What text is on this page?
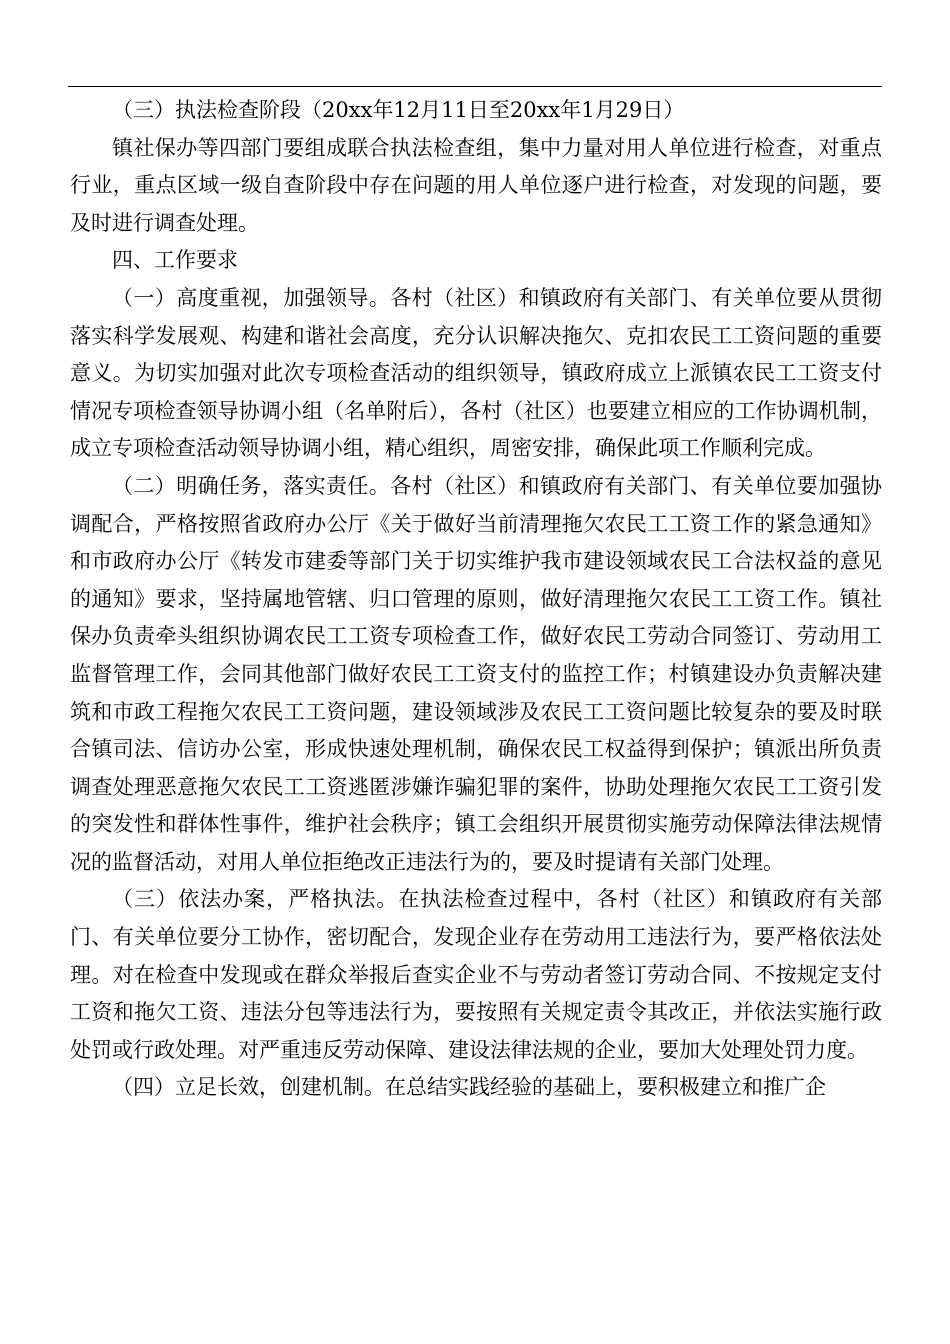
（三）执法检查阶段（20xx年12月11日至20xx年1月29日）

镇社保办等四部门要组成联合执法检查组，集中力量对用人单位进行检查，对重点行业，重点区域一级自查阶段中存在问题的用人单位逐户进行检查，对发现的问题，要及时进行调查处理。

四、工作要求

（一）高度重视，加强领导。各村（社区）和镇政府有关部门、有关单位要从贯彻落实科学发展观、构建和谐社会高度，充分认识解决拖欠、克扣农民工工资问题的重要意义。为切实加强对此次专项检查活动的组织领导，镇政府成立上派镇农民工工资支付情况专项检查领导协调小组（名单附后），各村（社区）也要建立相应的工作协调机制，成立专项检查活动领导协调小组，精心组织，周密安排，确保此项工作顺利完成。

（二）明确任务，落实责任。各村（社区）和镇政府有关部门、有关单位要加强协调配合，严格按照省政府办公厅《关于做好当前清理拖欠农民工工资工作的紧急通知》和市政府办公厅《转发市建委等部门关于切实维护我市建设领域农民工合法权益的意见的通知》要求，坚持属地管辖、归口管理的原则，做好清理拖欠农民工工资工作。镇社保办负责牵头组织协调农民工工资专项检查工作，做好农民工劳动合同签订、劳动用工监督管理工作，会同其他部门做好农民工工资支付的监控工作；村镇建设办负责解决建筑和市政工程拖欠农民工工资问题，建设领域涉及农民工工资问题比较复杂的要及时联合镇司法、信访办公室，形成快速处理机制，确保农民工权益得到保护；镇派出所负责调查处理恶意拖欠农民工工资逃匿涉嫌诈骗犯罪的案件，协助处理拖欠农民工工资引发的突发性和群体性事件，维护社会秩序；镇工会组织开展贯彻实施劳动保障法律法规情况的监督活动，对用人单位拒绝改正违法行为的，要及时提请有关部门处理。

（三）依法办案，严格执法。在执法检查过程中，各村（社区）和镇政府有关部门、有关单位要分工协作，密切配合，发现企业存在劳动用工违法行为，要严格依法处理。对在检查中发现或在群众举报后查实企业不与劳动者签订劳动合同、不按规定支付工资和拖欠工资、违法分包等违法行为，要按照有关规定责令其改正，并依法实施行政处罚或行政处理。对严重违反劳动保障、建设法律法规的企业，要加大处理处罚力度。

（四）立足长效，创建机制。在总结实践经验的基础上，要积极建立和推广企
